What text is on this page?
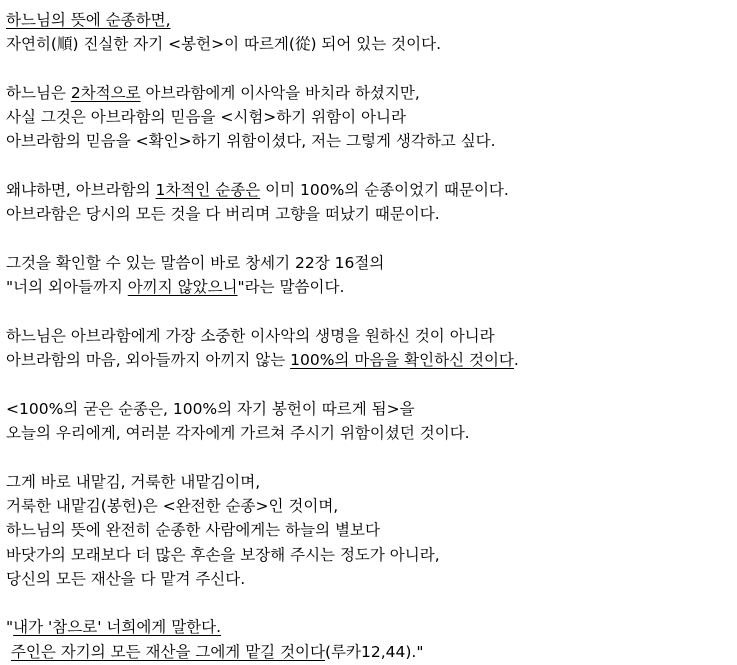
하느님의 뜻에 순종하면,
자연히(順) 진실한 자기 <봉헌>이 따르게(從) 되어 있는 것이다.
하느님은 2차적으로 아브라함에게 이사악을 바치라 하셨지만,
사실 그것은 아브라함의 믿음을 <시험>하기 위함이 아니라
아브라함의 믿음을 <확인>하기 위함이셨다, 저는 그렇게 생각하고 싶다.
왜냐하면, 아브라함의 1차적인 순종은 이미 100%의 순종이었기 때문이다.
아브라함은 당시의 모든 것을 다 버리며 고향을 떠났기 때문이다.
그것을 확인할 수 있는 말씀이 바로 창세기 22장 16절의
"너의 외아들까지 아끼지 않았으니"라는 말씀이다.
하느님은 아브라함에게 가장 소중한 이사악의 생명을 원하신 것이 아니라
아브라함의 마음, 외아들까지 아끼지 않는 100%의 마음을 확인하신 것이다.
<100%의 굳은 순종은, 100%의 자기 봉헌이 따르게 됨>을
오늘의 우리에게, 여러분 각자에게 가르쳐 주시기 위함이셨던 것이다.
그게 바로 내맡김, 거룩한 내맡김이며,
거룩한 내맡김(봉헌)은 <완전한 순종>인 것이며,
하느님의 뜻에 완전히 순종한 사람에게는 하늘의 별보다
바닷가의 모래보다 더 많은 후손을 보장해 주시는 정도가 아니라,
당신의 모든 재산을 다 맡겨 주신다.
"내가 '참으로' 너희에게 말한다.
주인은 자기의 모든 재산을 그에게 맡길 것이다(루카12,44)."
